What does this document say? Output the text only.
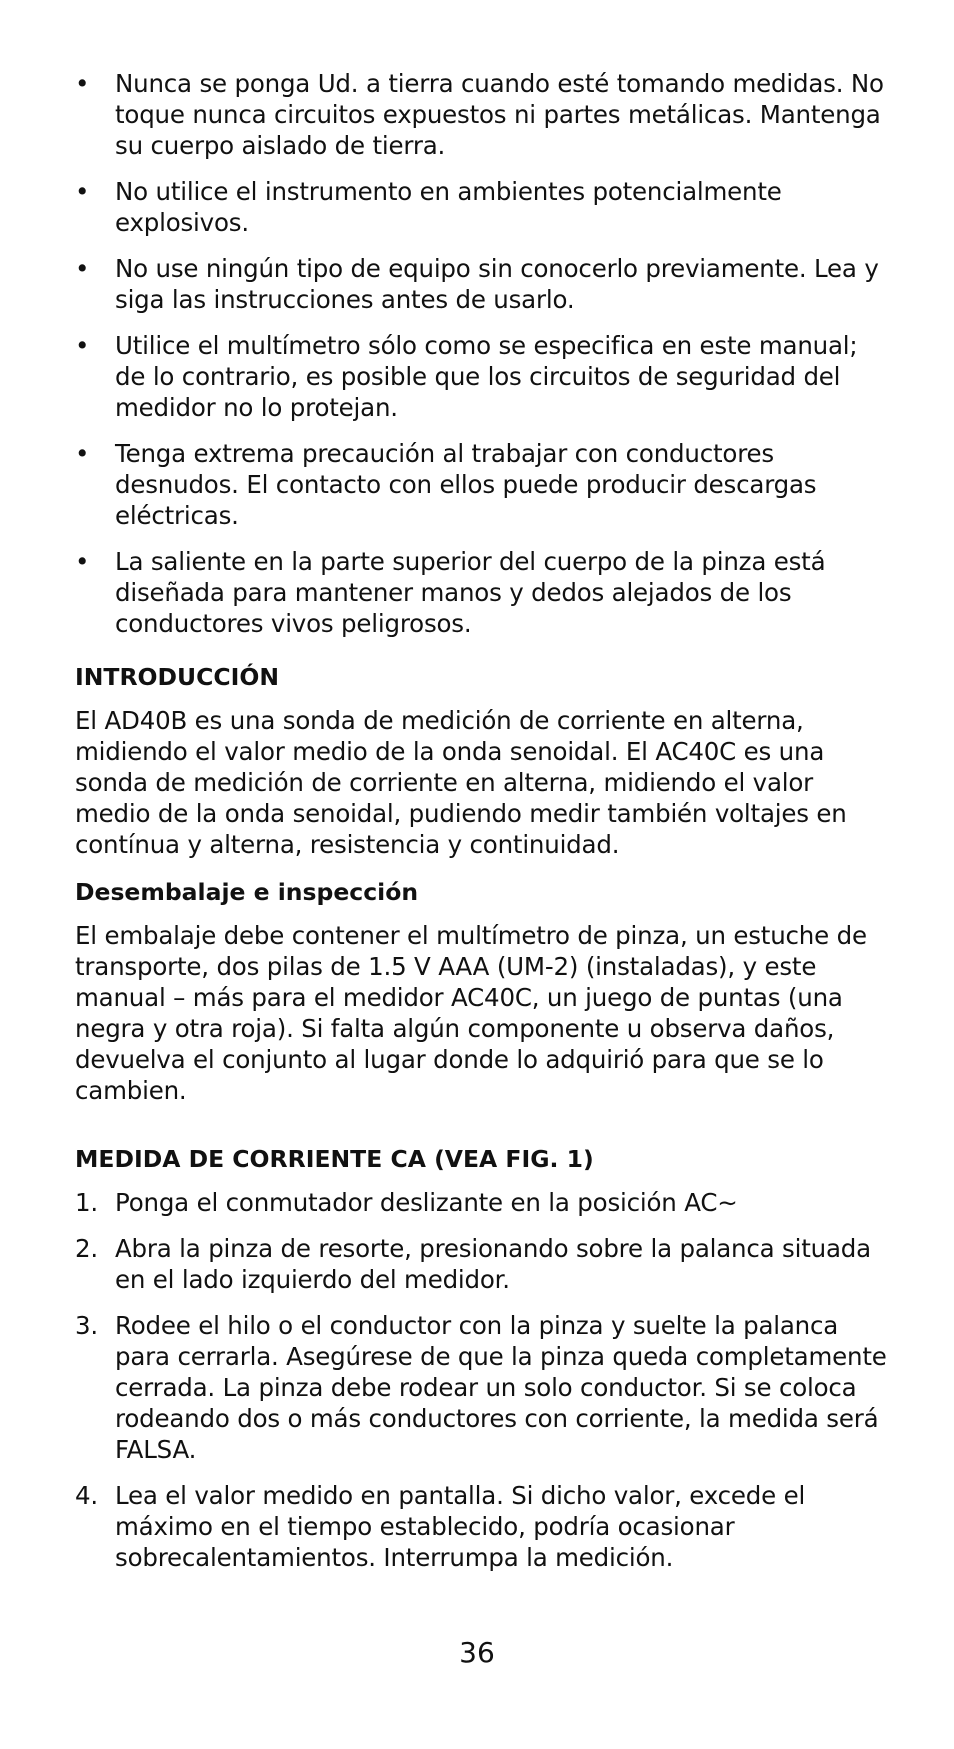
• Nunca se ponga Ud. a tierra cuando esté tomando medidas. No toque nunca circuitos expuestos ni partes metálicas. Mantenga su cuerpo aislado de tierra.
• No utilice el instrumento en ambientes potencialmente explosivos.
• No use ningún tipo de equipo sin conocerlo previamente. Lea y siga las instrucciones antes de usarlo.
• Utilice el multímetro sólo como se especifica en este manual; de lo contrario, es posible que los circuitos de seguridad del medidor no lo protejan.
• Tenga extrema precaución al trabajar con conductores desnudos. El contacto con ellos puede producir descargas eléctricas.
• La saliente en la parte superior del cuerpo de la pinza está diseñada para mantener manos y dedos alejados de los conductores vivos peligrosos.
INTRODUCCIÓN

El AD40B es una sonda de medición de corriente en alterna, midiendo el valor medio de la onda senoidal. El AC40C es una sonda de medición de corriente en alterna, midiendo el valor medio de la onda senoidal, pudiendo medir también voltajes en contínua y alterna, resistencia y continuidad.

Desembalaje e inspección

El embalaje debe contener el multímetro de pinza, un estuche de transporte, dos pilas de 1.5 V AAA (UM-2) (instaladas), y este manual – más para el medidor AC40C, un juego de puntas (una negra y otra roja). Si falta algún componente u observa daños, devuelva el conjunto al lugar donde lo adquirió para que se lo cambien.

MEDIDA DE CORRIENTE CA (VEA FIG. 1)
1. Ponga el conmutador deslizante en la posición AC∼
2. Abra la pinza de resorte, presionando sobre la palanca situada en el lado izquierdo del medidor.
3. Rodee el hilo o el conductor con la pinza y suelte la palanca para cerrarla. Asegúrese de que la pinza queda completamente cerrada. La pinza debe rodear un solo conductor. Si se coloca rodeando dos o más conductores con corriente, la medida será FALSA.
4. Lea el valor medido en pantalla. Si dicho valor, excede el máximo en el tiempo establecido, podría ocasionar sobrecalentamientos. Interrumpa la medición.
36
